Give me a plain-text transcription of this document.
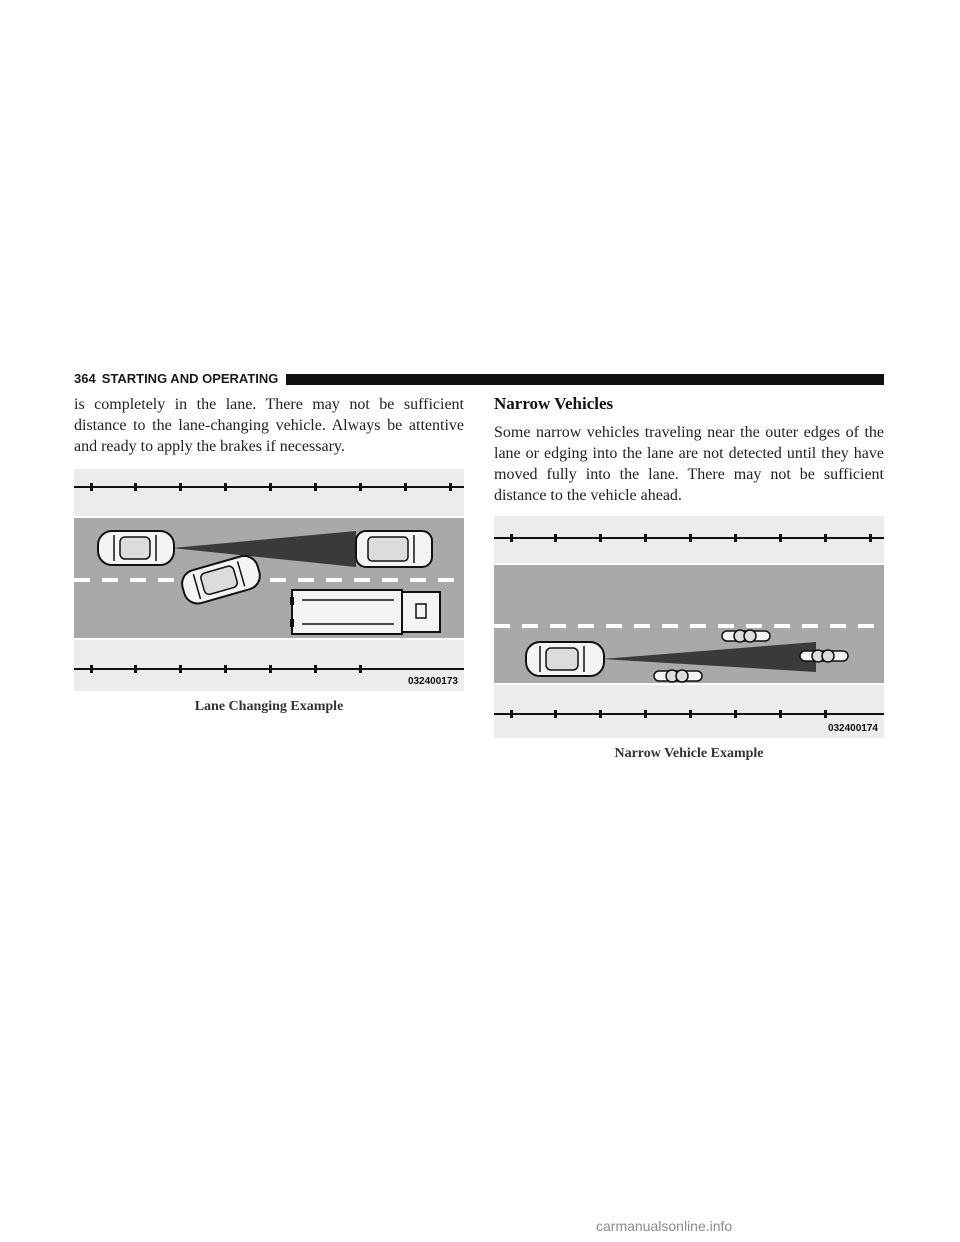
364 STARTING AND OPERATING

is completely in the lane. There may not be sufficient distance to the lane-changing vehicle. Always be attentive and ready to apply the brakes if necessary.

032400173
Lane Changing Example
Narrow Vehicles

Some narrow vehicles traveling near the outer edges of the lane or edging into the lane are not detected until they have moved fully into the lane. There may not be sufficient distance to the vehicle ahead.

032400174
Narrow Vehicle Example
carmanualsonline.info
